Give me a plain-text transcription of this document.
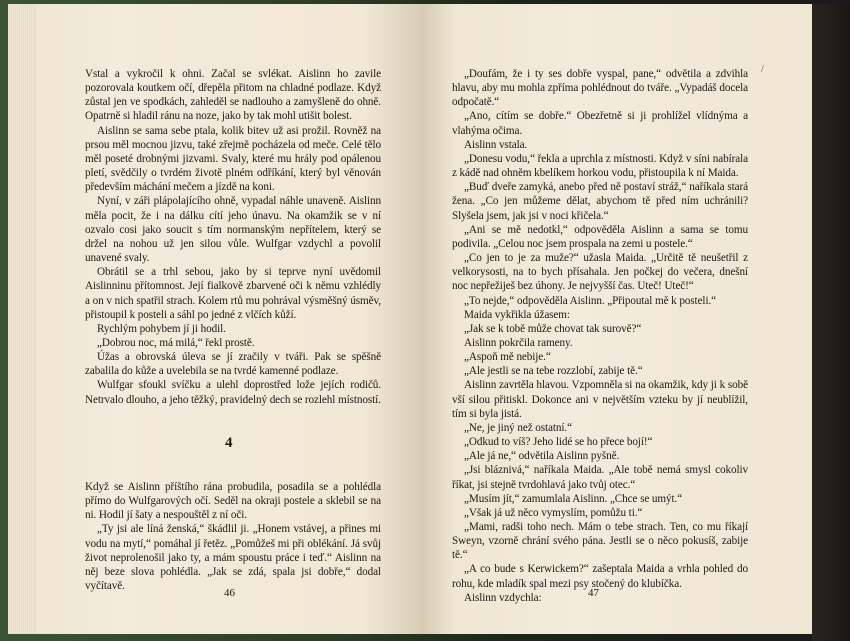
Vstal a vykročil k ohni. Začal se svlékat. Aislinn ho zavile pozorovala koutkem očí, dřepěla přitom na chladné podlaze. Když zůstal jen ve spodkách, zahleděl se nadlouho a zamyšleně do ohně. Opatrně si hladil ránu na noze, jako by tak mohl utišit bolest.

Aislinn se sama sebe ptala, kolik bitev už asi prožil. Rovněž na prsou měl mocnou jizvu, také zřejmě pocházela od meče. Celé tělo měl poseté drobnými jizvami. Svaly, které mu hrály pod opálenou pletí, svědčily o tvrdém životě plném odříkání, který byl věnován především máchání mečem a jízdě na koni.

Nyní, v záři plápolajícího ohně, vypadal náhle unaveně. Aislinn měla pocit, že i na dálku cítí jeho únavu. Na okamžik se v ní ozvalo cosi jako soucit s tím normanským nepřítelem, který se držel na nohou už jen silou vůle. Wulfgar vzdychl a povolil unavené svaly.

Obrátil se a trhl sebou, jako by si teprve nyní uvědomil Aislinninu přítomnost. Její fialkově zbarvené oči k němu vzhlédly a on v nich spatřil strach. Kolem rtů mu pohrával výsměšný úsměv, přistoupil k posteli a sáhl po jedné z vlčích kůží.

Rychlým pohybem jí ji hodil.

„Dobrou noc, má milá,“ řekl prostě.

Úžas a obrovská úleva se jí zračily v tváři. Pak se spěšně zabalila do kůže a uvelebila se na tvrdé kamenné podlaze.

Wulfgar sfoukl svíčku a ulehl doprostřed lože jejích rodičů. Netrvalo dlouho, a jeho těžký, pravidelný dech se rozlehl místností.

4

Když se Aislinn příštího rána probudila, posadila se a pohlédla přímo do Wulfgarových očí. Seděl na okraji postele a sklebil se na ni. Hodil jí šaty a nespouštěl z ní oči.

„Ty jsi ale líná ženská,“ škádlil ji. „Honem vstávej, a přines mi vodu na mytí,“ pomáhal jí řetěz. „Pomůžeš mi při oblékání. Já svůj život neprolenošil jako ty, a mám spoustu práce i teď.“ Aislinn na něj beze slova pohlédla. „Jak se zdá, spala jsi dobře,“ dodal vyčítavě.

46
/

„Doufám, že i ty ses dobře vyspal, pane,“ odvětila a zdvihla hlavu, aby mu mohla zpříma pohlédnout do tváře. „Vypadáš docela odpočatě.“

„Ano, cítím se dobře.“ Obezřetně si ji prohlížel vlídnýma a vlahýma očima.

Aislinn vstala.

„Donesu vodu,“ řekla a uprchla z místnosti. Když v síni nabírala z kádě nad ohněm kbelíkem horkou vodu, přistoupila k ní Maida.

„Buď dveře zamyká, anebo před ně postaví stráž,“ naříkala stará žena. „Co jen můžeme dělat, abychom tě před ním uchránili? Slyšela jsem, jak jsi v noci křičela.“

„Ani se mě nedotkl,“ odpověděla Aislinn a sama se tomu podivila. „Celou noc jsem prospala na zemi u postele.“

„Co jen to je za muže?“ užasla Maida. „Určitě tě neušetřil z velkorysosti, na to bych přísahala. Jen počkej do večera, dnešní noc nepřežiješ bez úhony. Je nejvyšší čas. Uteč! Uteč!“

„To nejde,“ odpověděla Aislinn. „Připoutal mě k posteli.“

Maida vykřikla úžasem:

„Jak se k tobě může chovat tak surově?“

Aislinn pokrčila rameny.

„Aspoň mě nebije.“

„Ale jestli se na tebe rozzlobí, zabije tě.“

Aislinn zavrtěla hlavou. Vzpomněla si na okamžik, kdy ji k sobě vší silou přitiskl. Dokonce ani v největším vzteku by jí neublížil, tím si byla jistá.

„Ne, je jiný než ostatní.“

„Odkud to víš? Jeho lidé se ho přece bojí!“

„Ale já ne,“ odvětila Aislinn pyšně.

„Jsi bláznivá,“ naříkala Maida. „Ale tobě nemá smysl cokoliv říkat, jsi stejně tvrdohlavá jako tvůj otec.“

„Musím jít,“ zamumlala Aislinn. „Chce se umýt.“

„Však já už něco vymyslím, pomůžu ti.“

„Mami, radši toho nech. Mám o tebe strach. Ten, co mu říkají Sweyn, vzorně chrání svého pána. Jestli se o něco pokusíš, zabije tě.“

„A co bude s Kerwickem?“ zašeptala Maida a vrhla pohled do rohu, kde mladík spal mezi psy stočený do klubíčka.

Aislinn vzdychla:	47
